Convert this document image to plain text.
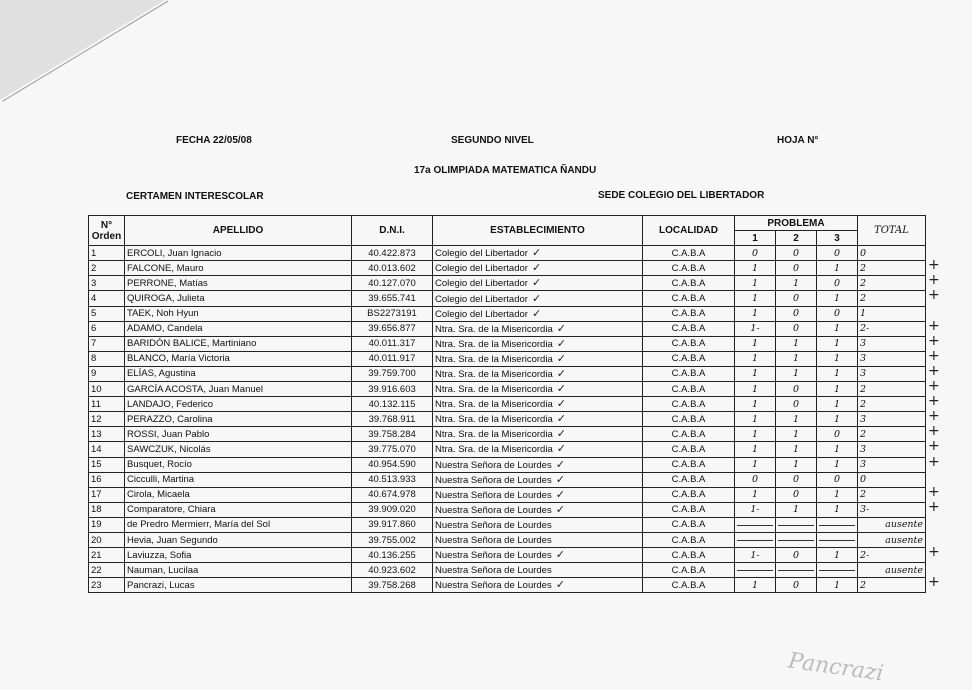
FECHA 22/05/08	SEGUNDO NIVEL	HOJA N°
17a OLIMPIADA MATEMATICA ÑANDU
CERTAMEN INTERESCOLAR	SEDE COLEGIO DEL LIBERTADOR
N° Orden	APELLIDO	D.N.I.	ESTABLECIMIENTO	LOCALIDAD	PROBLEMA			TOTAL
					1	2	3	
1	ERCOLI, Juan Ignacio	40.422.873	Colegio del Libertador ✓	C.A.B.A	0	0	0	0
2	FALCONE, Mauro	40.013.602	Colegio del Libertador ✓	C.A.B.A	1	0	1	2
3	PERRONE, Matías	40.127.070	Colegio del Libertador ✓	C.A.B.A	1	1	0	2
4	QUIROGA, Julieta	39.655.741	Colegio del Libertador ✓	C.A.B.A	1	0	1	2
5	TAEK, Noh Hyun	BS2273191	Colegio del Libertador ✓	C.A.B.A	1	0	0	1
6	ADAMO, Candela	39.656.877	Ntra. Sra. de la Misericordia ✓	C.A.B.A	1-	0	1	2-
7	BARIDÓN BALICE, Martiniano	40.011.317	Ntra. Sra. de la Misericordia ✓	C.A.B.A	1	1	1	3
8	BLANCO, María Victoria	40.011.917	Ntra. Sra. de la Misericordia ✓	C.A.B.A	1	1	1	3
9	ELÍAS, Agustina	39.759.700	Ntra. Sra. de la Misericordia ✓	C.A.B.A	1	1	1	3
10	GARCÍA ACOSTA, Juan Manuel	39.916.603	Ntra. Sra. de la Misericordia ✓	C.A.B.A	1	0	1	2
11	LANDAJO, Federico	40.132.115	Ntra. Sra. de la Misericordia ✓	C.A.B.A	1	0	1	2
12	PERAZZO, Carolina	39.768.911	Ntra. Sra. de la Misericordia ✓	C.A.B.A	1	1	1	3
13	ROSSI, Juan Pablo	39.758.284	Ntra. Sra. de la Misericordia ✓	C.A.B.A	1	1	0	2
14	SAWCZUK, Nicolás	39.775.070	Ntra. Sra. de la Misericordia ✓	C.A.B.A	1	1	1	3
15	Busquet, Rocío	40.954.590	Nuestra Señora de Lourdes ✓	C.A.B.A	1	1	1	3
16	Cicculli, Martina	40.513.933	Nuestra Señora de Lourdes ✓	C.A.B.A	0	0	0	0
17	Cirola, Micaela	40.674.978	Nuestra Señora de Lourdes ✓	C.A.B.A	1	0	1	2
18	Comparatore, Chiara	39.909.020	Nuestra Señora de Lourdes ✓	C.A.B.A	1-	1	1	3-
19	de Predro Mermierr, María del Sol	39.917.860	Nuestra Señora de Lourdes	C.A.B.A				ausente
20	Hevia, Juan Segundo	39.755.002	Nuestra Señora de Lourdes	C.A.B.A				ausente
21	Laviuzza, Sofia	40.136.255	Nuestra Señora de Lourdes ✓	C.A.B.A	1-	0	1	2-
22	Nauman, Lucilaa	40.923.602	Nuestra Señora de Lourdes	C.A.B.A				ausente
23	Pancrazi, Lucas	39.758.268	Nuestra Señora de Lourdes ✓	C.A.B.A	1	0	1	2
+
+
+
+
+
+
+
+
+
+
+
+
+
+
+
+
+
Pancrazi
